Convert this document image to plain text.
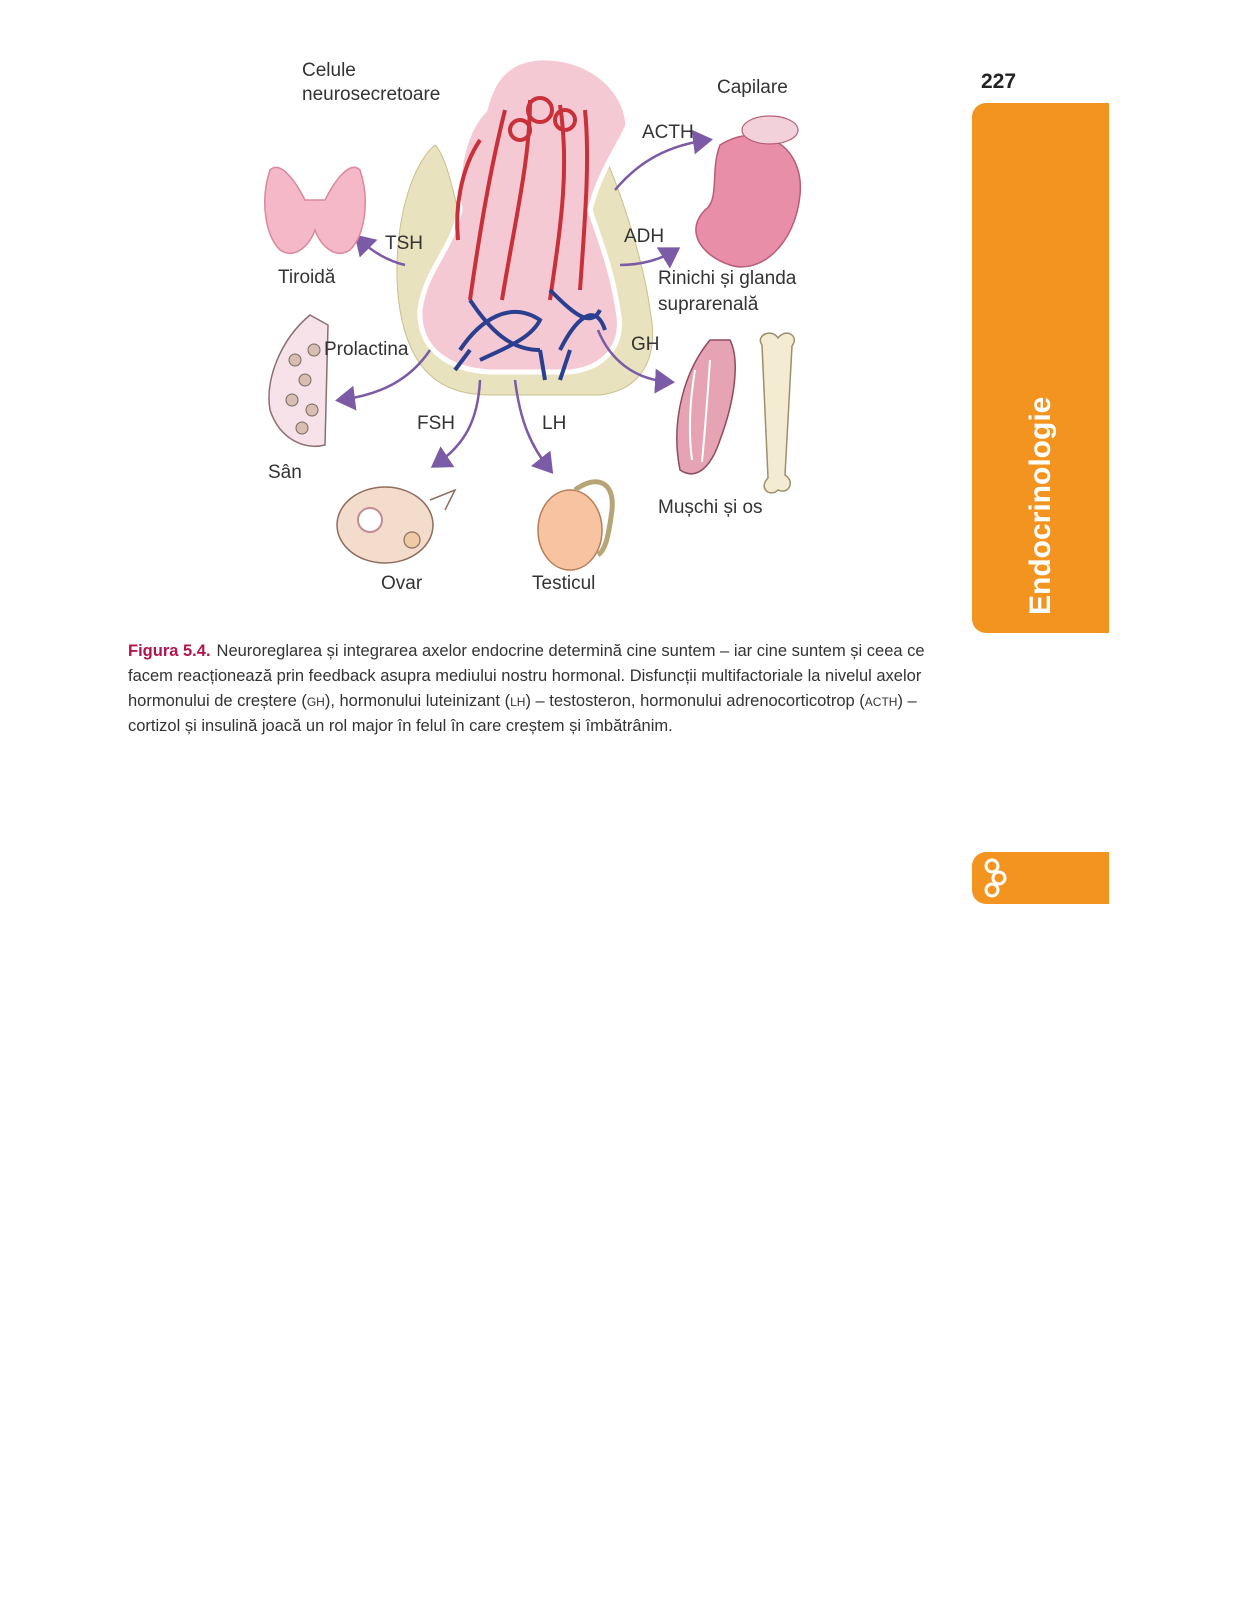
227
Endocrinologie
Celule
neurosecretoare	Capilare
ACTH
TSH	ADH
Tiroidă	Rinichi și glanda
suprarenală
Prolactina	GH
FSH	LH
Sân
Mușchi și os
Ovar	Testicul

Figura 5.4. Neuroreglarea și integrarea axelor endocrine determină cine suntem – iar cine suntem și ceea ce facem reacționează prin feedback asupra mediului nostru hormonal. Disfuncții multifactoriale la nivelul axelor hormonului de creștere (gh), hormonului luteinizant (lh) – testosteron, hormonului adrenocorticotrop (acth) – cortizol și insulină joacă un rol major în felul în care creștem și îmbătrânim.
